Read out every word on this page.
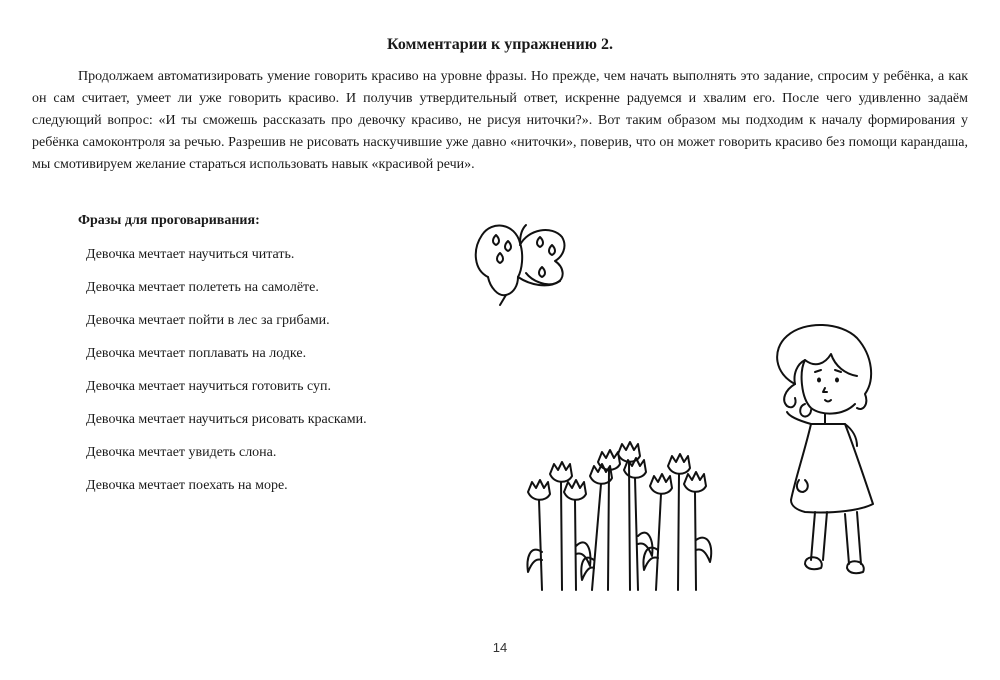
Комментарии к упражнению 2.

Продолжаем автоматизировать умение говорить красиво на уровне фразы. Но прежде, чем начать выполнять это задание, спросим у ребёнка, а как он сам считает, умеет ли уже говорить красиво. И получив утвердительный ответ, искренне радуемся и хвалим его. После чего удивленно задаём следующий вопрос: «И ты сможешь рассказать про девочку красиво, не рисуя ниточки?». Вот таким образом мы подходим к началу формирования у ребёнка самоконтроля за речью. Разрешив не рисовать наскучившие уже давно «ниточки», поверив, что он может говорить красиво без помощи карандаша, мы смотивируем желание стараться использовать навык «красивой речи».

Фразы для проговаривания:
Девочка мечтает научиться читать.
Девочка мечтает полететь на самолёте.
Девочка мечтает пойти в лес за грибами.
Девочка мечтает поплавать на лодке.
Девочка мечтает научиться готовить суп.
Девочка мечтает научиться рисовать красками.
Девочка мечтает увидеть слона.
Девочка мечтает поехать на море.
14
